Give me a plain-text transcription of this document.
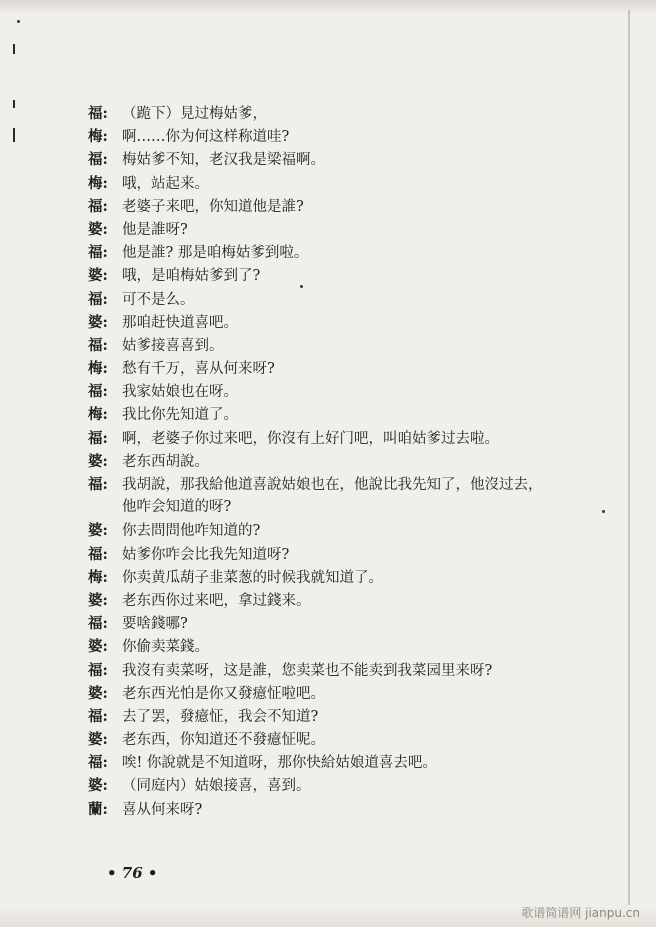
福: （跪下）見过梅姑爹，
梅: 啊……你为何这样称道哇?
福: 梅姑爹不知，老汉我是梁福啊。
梅: 哦，站起来。
福: 老婆子来吧，你知道他是誰?
婆: 他是誰呀?
福: 他是誰? 那是咱梅姑爹到啦。
婆: 哦，是咱梅姑爹到了?
福: 可不是么。
婆: 那咱赶快道喜吧。
福: 姑爹接喜喜到。
梅: 愁有千万，喜从何来呀?
福: 我家姑娘也在呀。
梅: 我比你先知道了。
福: 啊，老婆子你过来吧，你沒有上好门吧，叫咱姑爹过去啦。
婆: 老东西胡說。
福: 我胡說，那我給他道喜說姑娘也在，他說比我先知了，他沒过去，
他咋会知道的呀?
婆: 你去問問他咋知道的?
福: 姑爹你咋会比我先知道呀?
梅: 你卖黄瓜葫子韭菜葱的时候我就知道了。
婆: 老东西你过来吧，拿过錢来。
福: 要啥錢哪?
婆: 你偷卖菜錢。
福: 我沒有卖菜呀，这是誰，您卖菜也不能卖到我菜园里来呀?
婆: 老东西光怕是你又發癔怔啦吧。
福: 去了罢，發癔怔，我会不知道?
婆: 老东西，你知道还不發癔怔呢。
福: 唉! 你說就是不知道呀，那你快給姑娘道喜去吧。
婆: （同庭内）姑娘接喜，喜到。
蘭: 喜从何来呀?
• 76 •
歌谱简谱网 jianpu.cn
